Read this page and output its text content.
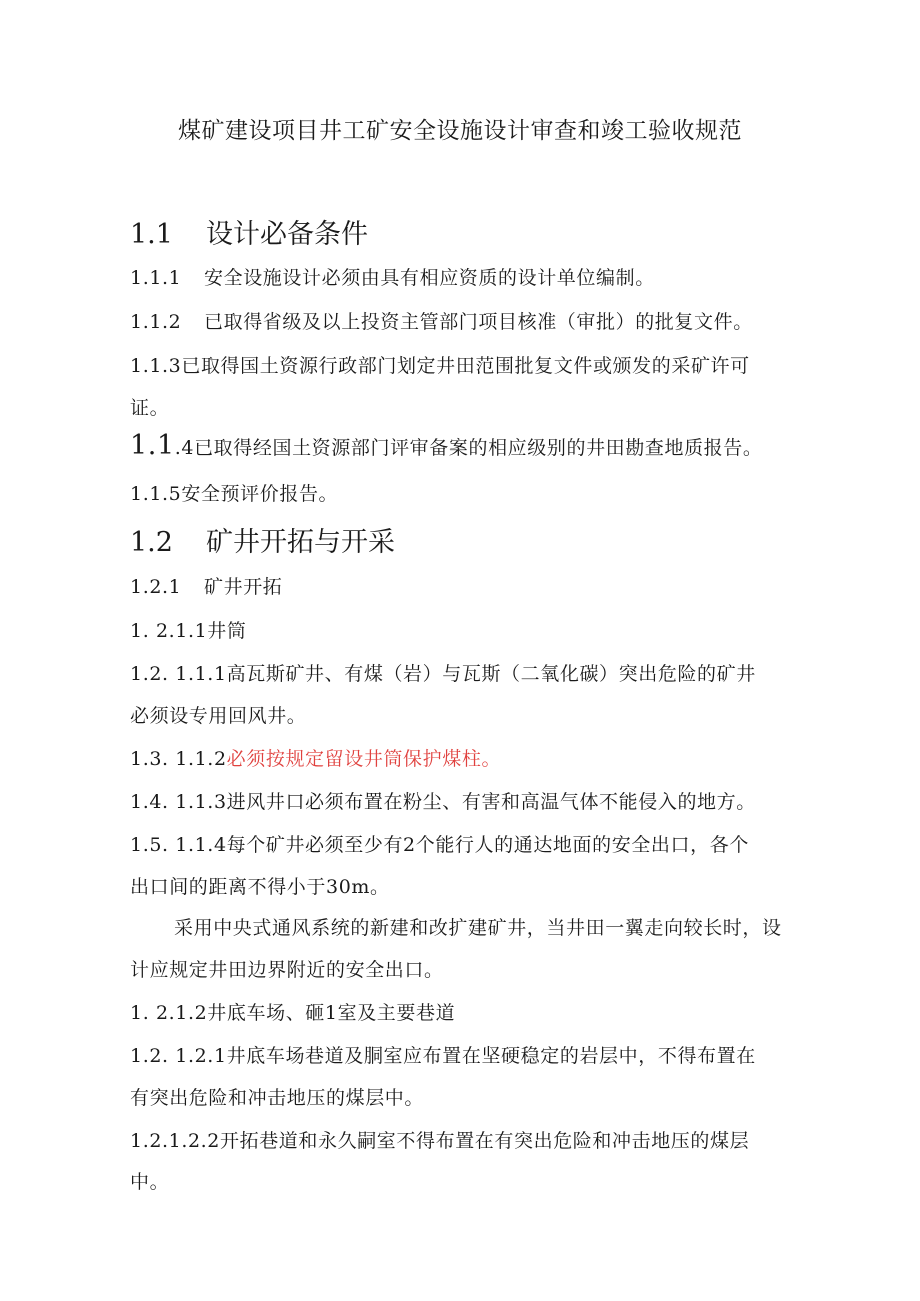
煤矿建设项目井工矿安全设施设计审查和竣工验收规范
1.1 设计必备条件
1.1.1 安全设施设计必须由具有相应资质的设计单位编制。
1.1.2 已取得省级及以上投资主管部门项目核准（审批）的批复文件。
1.1.3已取得国土资源行政部门划定井田范围批复文件或颁发的采矿许可
证。
1.1.4已取得经国土资源部门评审备案的相应级别的井田勘查地质报告。
1.1.5安全预评价报告。
1.2 矿井开拓与开采
1.2.1 矿井开拓
1. 2.1.1井筒
1.2. 1.1.1高瓦斯矿井、有煤（岩）与瓦斯（二氧化碳）突出危险的矿井
必须设专用回风井。
1.3. 1.1.2必须按规定留设井筒保护煤柱。
1.4. 1.1.3进风井口必须布置在粉尘、有害和高温气体不能侵入的地方。
1.5. 1.1.4每个矿井必须至少有2个能行人的通达地面的安全出口，各个
出口间的距离不得小于30m。
采用中央式通风系统的新建和改扩建矿井，当井田一翼走向较长时，设
计应规定井田边界附近的安全出口。
1. 2.1.2井底车场、砸1室及主要巷道
1.2. 1.2.1井底车场巷道及胴室应布置在坚硬稳定的岩层中，不得布置在
有突出危险和冲击地压的煤层中。
1.2.1.2.2开拓巷道和永久嗣室不得布置在有突出危险和冲击地压的煤层
中。
